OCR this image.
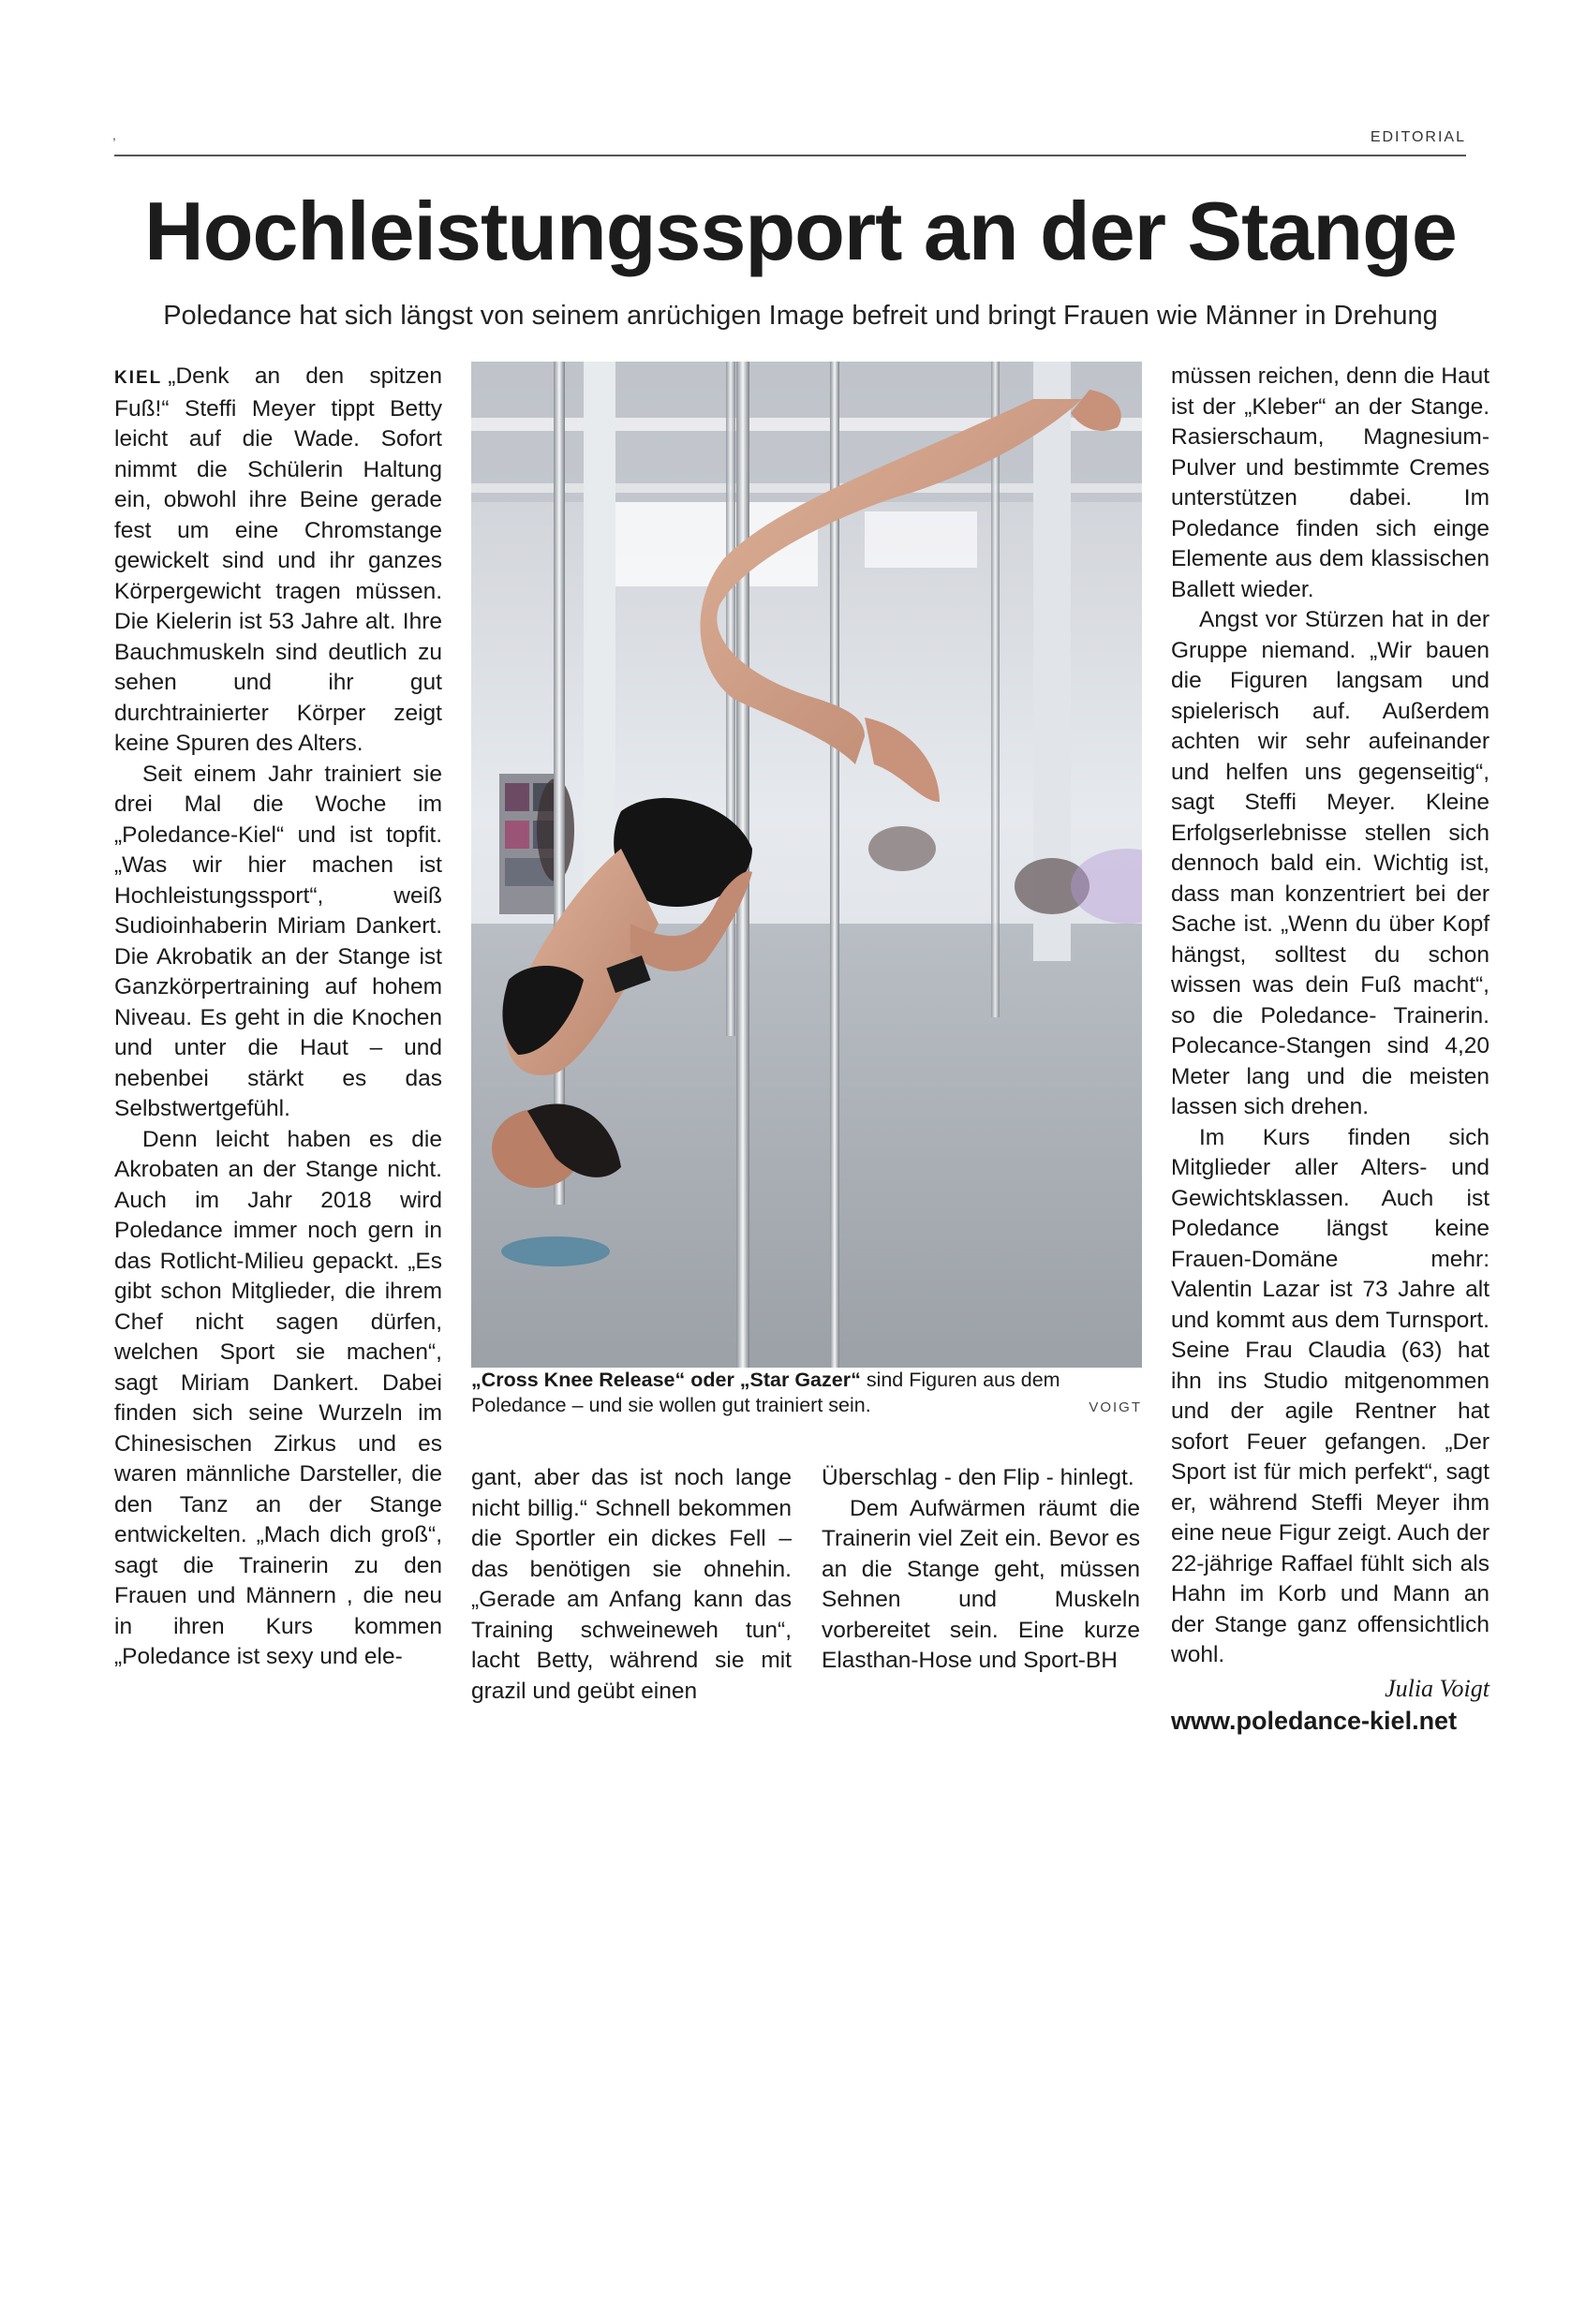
,	EDITORIAL
Hochleistungssport an der Stange

Poledance hat sich längst von seinem anrüchigen Image befreit und bringt Frauen wie Männer in Drehung

KIEL „Denk an den spitzen Fuß!“ Steffi Meyer tippt Betty leicht auf die Wade. Sofort nimmt die Schülerin Haltung ein, obwohl ihre Beine gerade fest um eine Chromstange gewickelt sind und ihr ganzes Körpergewicht tragen müssen. Die Kielerin ist 53 Jahre alt. Ihre Bauchmuskeln sind deutlich zu sehen und ihr gut durchtrainierter Körper zeigt keine Spuren des Alters.

Seit einem Jahr trainiert sie drei Mal die Woche im „Poledance-Kiel“ und ist topfit. „Was wir hier machen ist Hochleistungssport“, weiß Sudioinhaberin Miriam Dankert. Die Akrobatik an der Stange ist Ganzkörpertraining auf hohem Niveau. Es geht in die Knochen und unter die Haut – und nebenbei stärkt es das Selbstwertgefühl.

Denn leicht haben es die Akrobaten an der Stange nicht. Auch im Jahr 2018 wird Poledance immer noch gern in das Rotlicht-Milieu gepackt. „Es gibt schon Mitglieder, die ihrem Chef nicht sagen dürfen, welchen Sport sie machen“, sagt Miriam Dankert. Dabei finden sich seine Wurzeln im Chinesischen Zirkus und es waren männliche Darsteller, die den Tanz an der Stange entwickelten. „Mach dich groß“, sagt die Trainerin zu den Frauen und Männern , die neu in ihren Kurs kommen „Poledance ist sexy und ele-

„Cross Knee Release“ oder „Star Gazer“ sind Figuren aus dem Poledance – und sie wollen gut trainiert sein.	VOIGT

gant, aber das ist noch lange nicht billig.“ Schnell bekommen die Sportler ein dickes Fell – das benötigen sie ohnehin. „Gerade am Anfang kann das Training schweineweh tun“, lacht Betty, während sie mit grazil und geübt einen

Überschlag - den Flip - hinlegt.

Dem Aufwärmen räumt die Trainerin viel Zeit ein. Bevor es an die Stange geht, müssen Sehnen und Muskeln vorbereitet sein. Eine kurze Elasthan-Hose und Sport-BH

müssen reichen, denn die Haut ist der „Kleber“ an der Stange. Rasierschaum, Magnesium-Pulver und bestimmte Cremes unterstützen dabei. Im Poledance finden sich einge Elemente aus dem klassischen Ballett wieder.

Angst vor Stürzen hat in der Gruppe niemand. „Wir bauen die Figuren langsam und spielerisch auf. Außerdem achten wir sehr aufeinander und helfen uns gegenseitig“, sagt Steffi Meyer. Kleine Erfolgserlebnisse stellen sich dennoch bald ein. Wichtig ist, dass man konzentriert bei der Sache ist. „Wenn du über Kopf hängst, solltest du schon wissen was dein Fuß macht“, so die Poledance- Trainerin. Polecance-Stangen sind 4,20 Meter lang und die meisten lassen sich drehen.

Im Kurs finden sich Mitglieder aller Alters- und Gewichtsklassen. Auch ist Poledance längst keine Frauen-Domäne mehr: Valentin Lazar ist 73 Jahre alt und kommt aus dem Turnsport. Seine Frau Claudia (63) hat ihn ins Studio mitgenommen und der agile Rentner hat sofort Feuer gefangen. „Der Sport ist für mich perfekt“, sagt er, während Steffi Meyer ihm eine neue Figur zeigt. Auch der 22-jährige Raffael fühlt sich als Hahn im Korb und Mann an der Stange ganz offensichtlich wohl.

Julia Voigt
www.poledance-kiel.net
